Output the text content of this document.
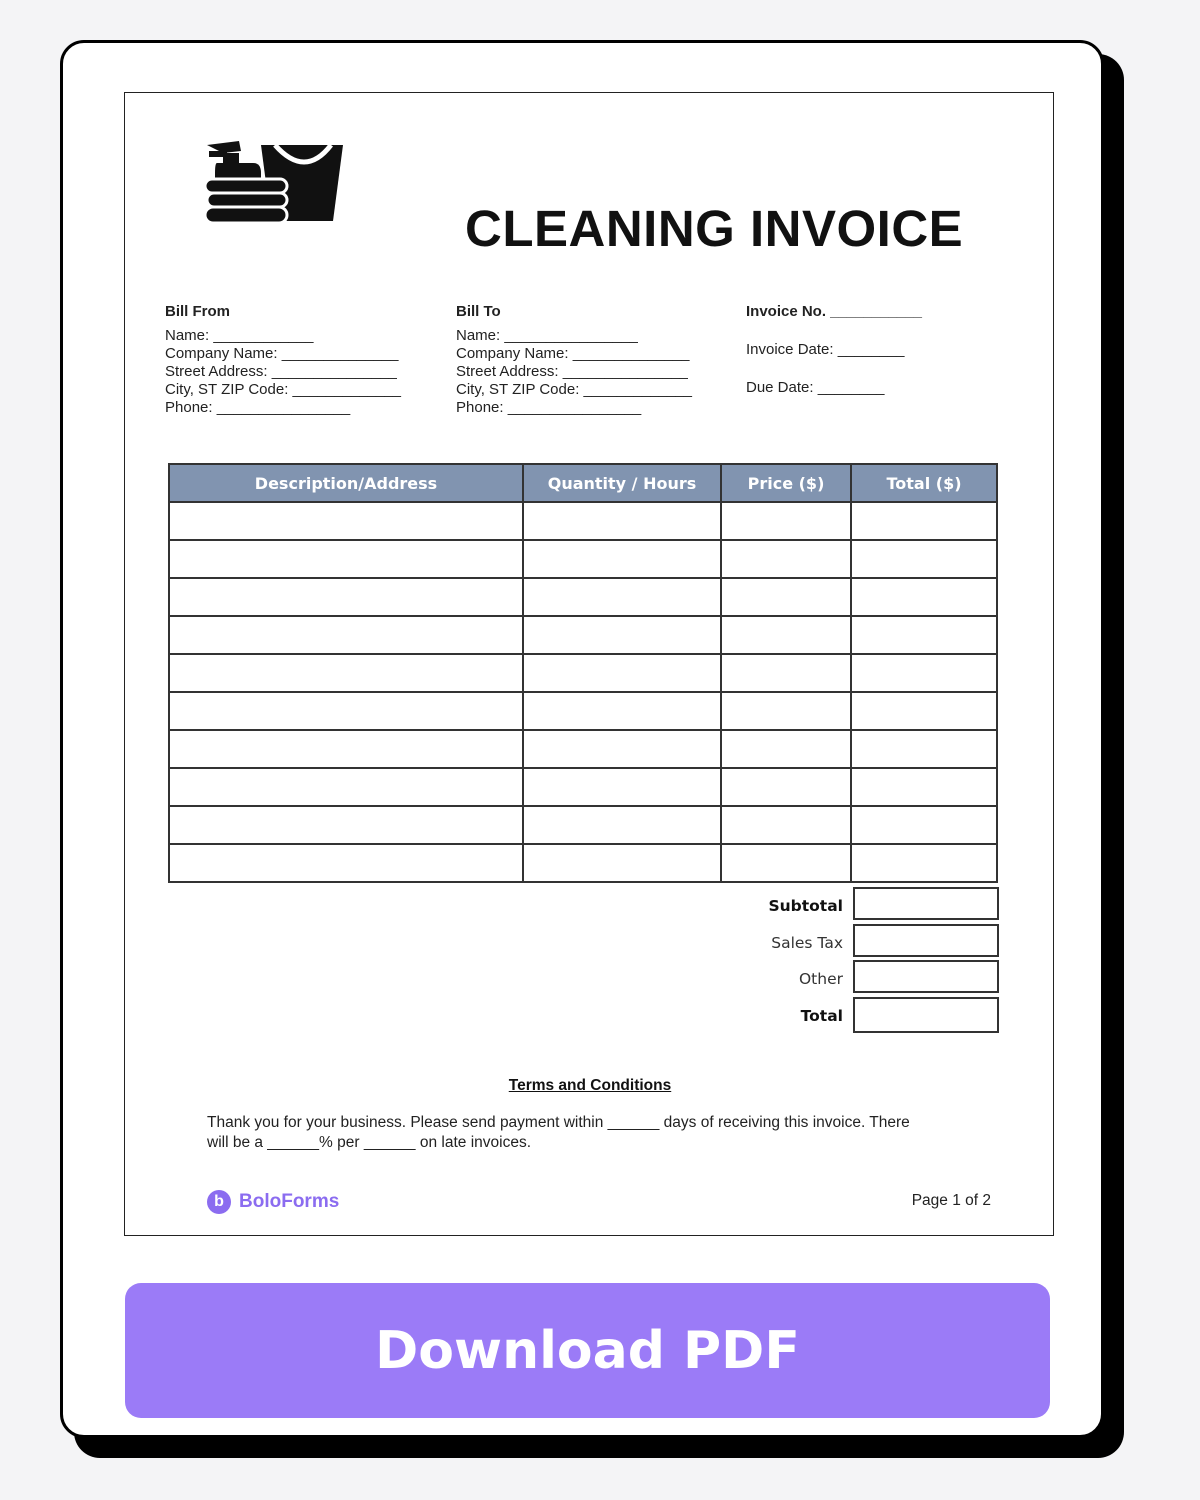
CLEANING INVOICE
Bill From
Name: ____________
Company Name: ______________
Street Address: _______________
City, ST ZIP Code: _____________
Phone: ________________
Bill To
Name: ________________
Company Name: ______________
Street Address: _______________
City, ST ZIP Code: _____________
Phone: ________________
Invoice No. ___________
Invoice Date: ________
Due Date: ________
Description/Address	Quantity / Hours	Price ($)	Total ($)

Subtotal
Sales Tax
Other
Total
Terms and Conditions
Thank you for your business. Please send payment within ______ days of receiving this invoice. There
will be a ______% per ______ on late invoices.
b BoloForms	Page 1 of 2
Download PDF
